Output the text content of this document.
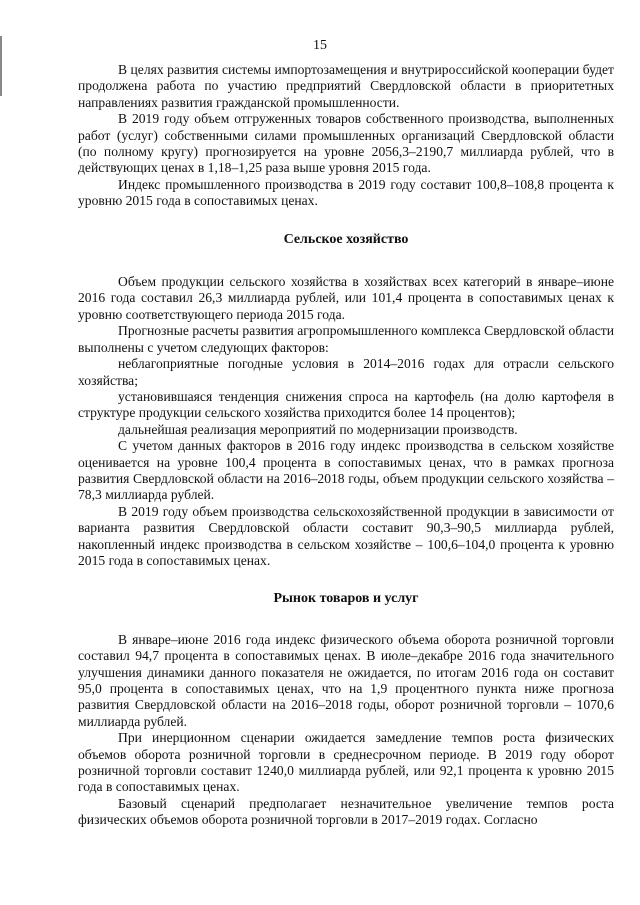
15

В целях развития системы импортозамещения и внутрироссийской кооперации будет продолжена работа по участию предприятий Свердловской области в приоритетных направлениях развития гражданской промышленности.

В 2019 году объем отгруженных товаров собственного производства, выполненных работ (услуг) собственными силами промышленных организаций Свердловской области (по полному кругу) прогнозируется на уровне 2056,3–2190,7 миллиарда рублей, что в действующих ценах в 1,18–1,25 раза выше уровня 2015 года.

Индекс промышленного производства в 2019 году составит 100,8–108,8 процента к уровню 2015 года в сопоставимых ценах.

Сельское хозяйство

Объем продукции сельского хозяйства в хозяйствах всех категорий в январе–июне 2016 года составил 26,3 миллиарда рублей, или 101,4 процента в сопоставимых ценах к уровню соответствующего периода 2015 года.

Прогнозные расчеты развития агропромышленного комплекса Свердловской области выполнены с учетом следующих факторов:

неблагоприятные погодные условия в 2014–2016 годах для отрасли сельского хозяйства;

установившаяся тенденция снижения спроса на картофель (на долю картофеля в структуре продукции сельского хозяйства приходится более 14 процентов);

дальнейшая реализация мероприятий по модернизации производств.

С учетом данных факторов в 2016 году индекс производства в сельском хозяйстве оценивается на уровне 100,4 процента в сопоставимых ценах, что в рамках прогноза развития Свердловской области на 2016–2018 годы, объем продукции сельского хозяйства – 78,3 миллиарда рублей.

В 2019 году объем производства сельскохозяйственной продукции в зависимости от варианта развития Свердловской области составит 90,3–90,5 миллиарда рублей, накопленный индекс производства в сельском хозяйстве – 100,6–104,0 процента к уровню 2015 года в сопоставимых ценах.

Рынок товаров и услуг

В январе–июне 2016 года индекс физического объема оборота розничной торговли составил 94,7 процента в сопоставимых ценах. В июле–декабре 2016 года значительного улучшения динамики данного показателя не ожидается, по итогам 2016 года он составит 95,0 процента в сопоставимых ценах, что на 1,9 процентного пункта ниже прогноза развития Свердловской области на 2016–2018 годы, оборот розничной торговли – 1070,6 миллиарда рублей.

При инерционном сценарии ожидается замедление темпов роста физических объемов оборота розничной торговли в среднесрочном периоде. В 2019 году оборот розничной торговли составит 1240,0 миллиарда рублей, или 92,1 процента к уровню 2015 года в сопоставимых ценах.

Базовый сценарий предполагает незначительное увеличение темпов роста физических объемов оборота розничной торговли в 2017–2019 годах. Согласно
